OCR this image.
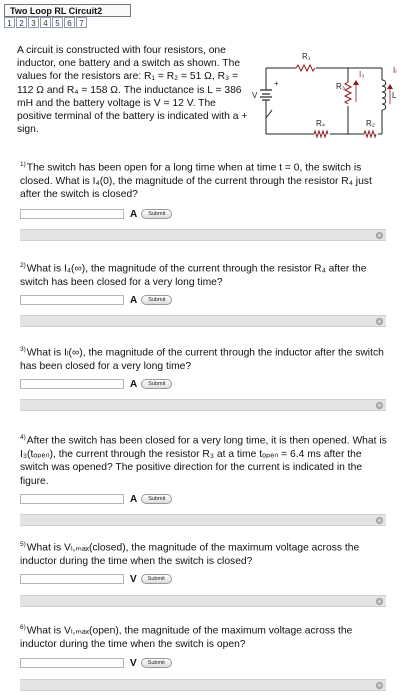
Two Loop RL Circuit2
1 2 3 4 5 6 7
A circuit is constructed with four resistors, one inductor, one battery and a switch as shown. The values for the resistors are: R₁ = R₂ = 51 Ω, R₃ = 112 Ω and R₄ = 158 Ω. The inductance is L = 386 mH and the battery voltage is V = 12 V. The positive terminal of the battery is indicated with a + sign.
R₁
I₃	Iₗ
R₃
L
V
+
R₄	R₂
$^{1)}$The switch has been open for a long time when at time t = 0, the switch is closed. What is I₄(0), the magnitude of the current through the resistor R₄ just after the switch is closed?
A	Submit
+
$^{2)}$What is I₄(∞), the magnitude of the current through the resistor R₄ after the switch has been closed for a very long time?
A	Submit
+
$^{3)}$What is Iₗ(∞), the magnitude of the current through the inductor after the switch has been closed for a very long time?
A	Submit
+
$^{4)}$After the switch has been closed for a very long time, it is then opened. What is I₃(tₒₚₑₙ), the current through the resistor R₃ at a time tₒₚₑₙ = 6.4 ms after the switch was opened? The positive direction for the current is indicated in the figure.
A	Submit
+
$^{5)}$What is Vₗ,ₘₐₓ(closed), the magnitude of the maximum voltage across the inductor during the time when the switch is closed?
V	Submit
+
$^{6)}$What is Vₗ,ₘₐₓ(open), the magnitude of the maximum voltage across the inductor during the time when the switch is open?
V	Submit
+
